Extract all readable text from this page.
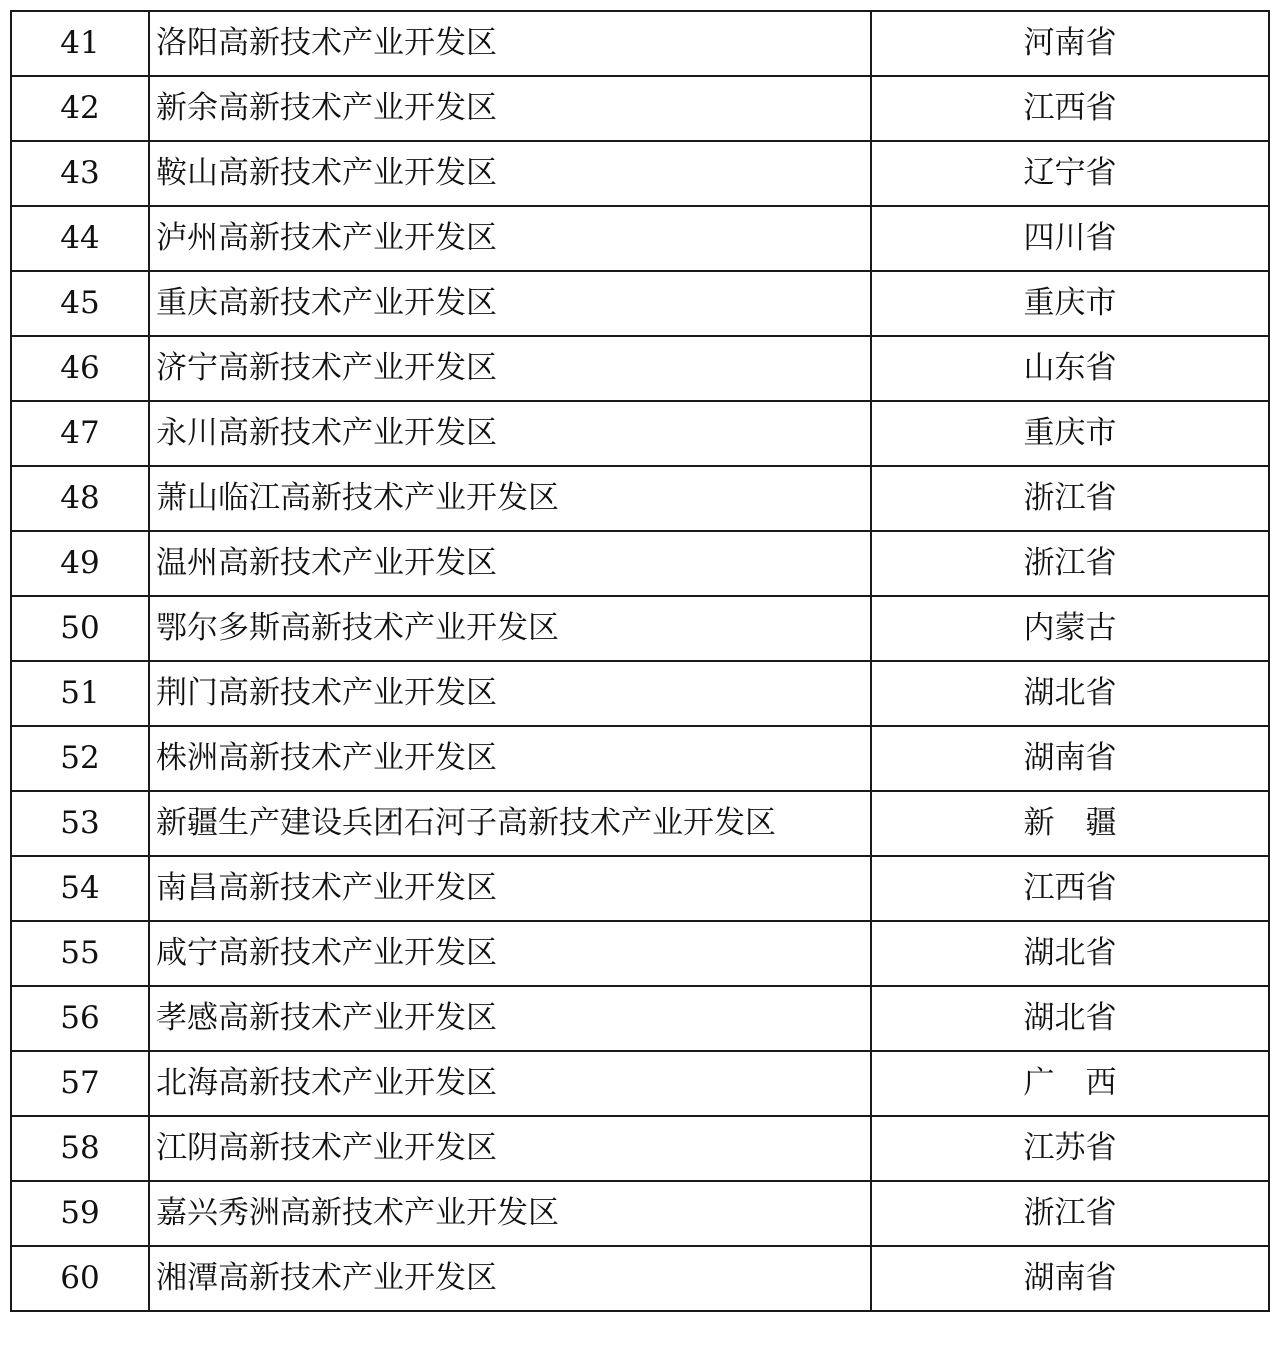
41	洛阳高新技术产业开发区	河南省
42	新余高新技术产业开发区	江西省
43	鞍山高新技术产业开发区	辽宁省
44	泸州高新技术产业开发区	四川省
45	重庆高新技术产业开发区	重庆市
46	济宁高新技术产业开发区	山东省
47	永川高新技术产业开发区	重庆市
48	萧山临江高新技术产业开发区	浙江省
49	温州高新技术产业开发区	浙江省
50	鄂尔多斯高新技术产业开发区	内蒙古
51	荆门高新技术产业开发区	湖北省
52	株洲高新技术产业开发区	湖南省
53	新疆生产建设兵团石河子高新技术产业开发区	新　疆
54	南昌高新技术产业开发区	江西省
55	咸宁高新技术产业开发区	湖北省
56	孝感高新技术产业开发区	湖北省
57	北海高新技术产业开发区	广　西
58	江阴高新技术产业开发区	江苏省
59	嘉兴秀洲高新技术产业开发区	浙江省
60	湘潭高新技术产业开发区	湖南省
